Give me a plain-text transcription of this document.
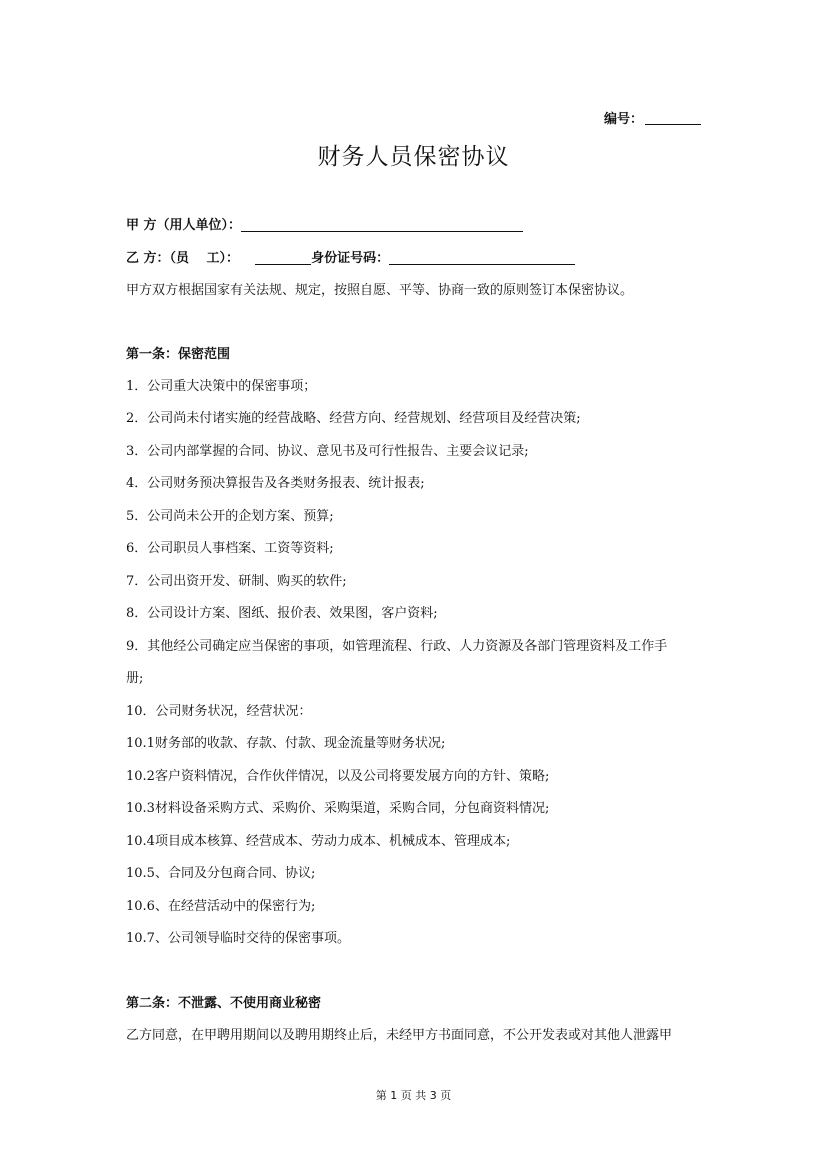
编号：
财务人员保密协议
甲 方（用人单位）：
乙 方：（员　 工）：	身份证号码：
甲方双方根据国家有关法规、规定，按照自愿、平等、协商一致的原则签订本保密协议。
第一条：保密范围
1．公司重大决策中的保密事项；
2．公司尚未付诸实施的经营战略、经营方向、经营规划、经营项目及经营决策;
3．公司内部掌握的合同、协议、意见书及可行性报告、主要会议记录;
4．公司财务预决算报告及各类财务报表、统计报表;
5．公司尚未公开的企划方案、预算;
6．公司职员人事档案、工资等资料;
7．公司出资开发、研制、购买的软件;
8．公司设计方案、图纸、报价表、效果图，客户资料;
9．其他经公司确定应当保密的事项，如管理流程、行政、人力资源及各部门管理资料及工作手
册;
10．公司财务状况，经营状况：
10.1财务部的收款、存款、付款、现金流量等财务状况;
10.2客户资料情况，合作伙伴情况，以及公司将要发展方向的方针、策略;
10.3材料设备采购方式、采购价、采购渠道，采购合同，分包商资料情况;
10.4项目成本核算、经营成本、劳动力成本、机械成本、管理成本;
10.5、合同及分包商合同、协议;
10.6、在经营活动中的保密行为;
10.7、公司领导临时交待的保密事项。
第二条：不泄露、不使用商业秘密
乙方同意，在甲聘用期间以及聘用期终止后，未经甲方书面同意，不公开发表或对其他人泄露甲
第 1 页 共 3 页
